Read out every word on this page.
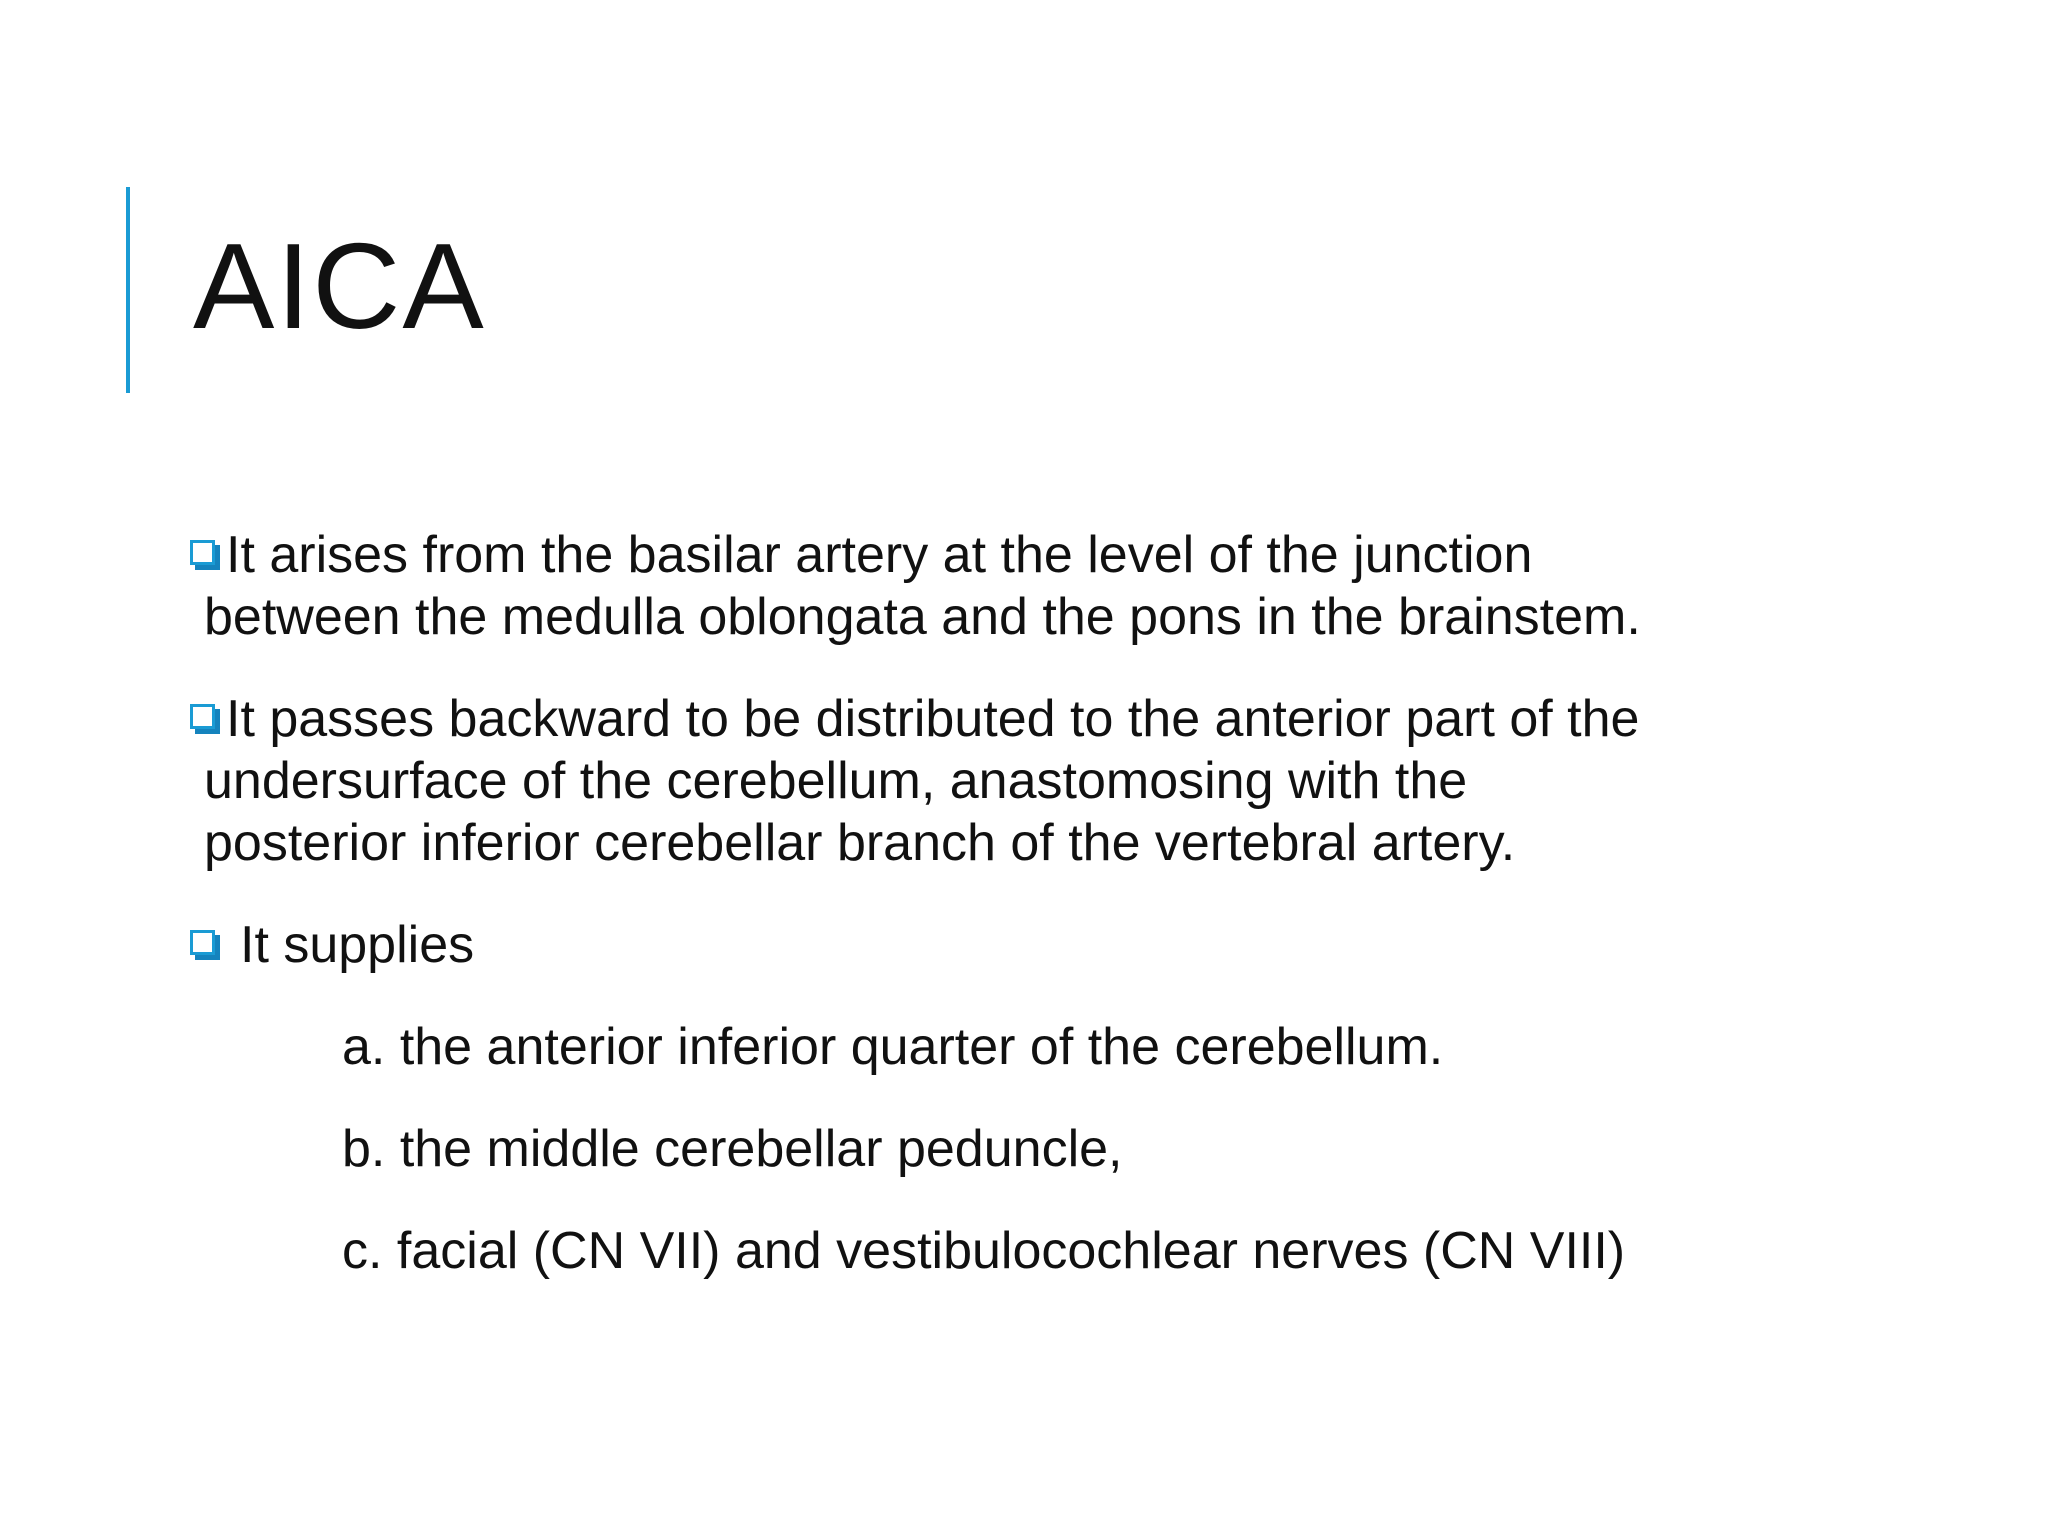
AICA
It arises from the basilar artery at the level of the junction
between the medulla oblongata and the pons in the brainstem.
It passes backward to be distributed to the anterior part of the
undersurface of the cerebellum, anastomosing with the
posterior inferior cerebellar branch of the vertebral artery.
It supplies
a. the anterior inferior quarter of the cerebellum.
b. the middle cerebellar peduncle,
c. facial (CN VII) and vestibulocochlear nerves (CN VIII)
